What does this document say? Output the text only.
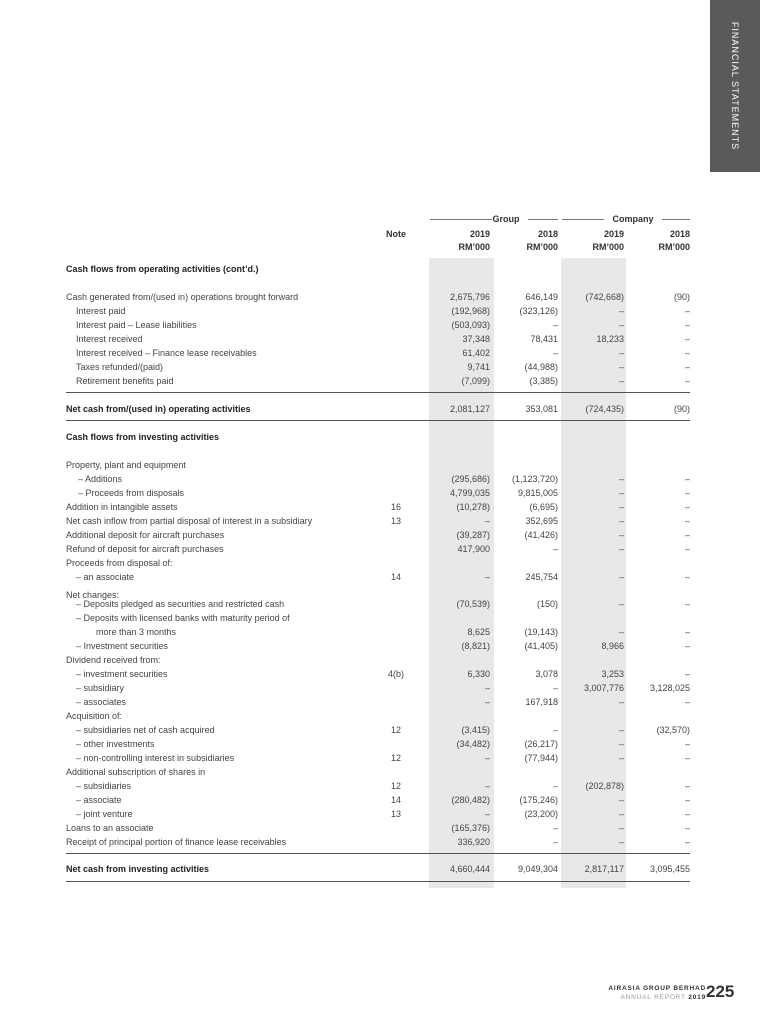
FINANCIAL STATEMENTS
Group	Company
Note	2019	2018	2019	2018
RM’000	RM’000	RM’000	RM’000
Cash flows from operating activities (cont’d.)
Cash generated from/(used in) operations brought forward	2,675,796	646,149	(742,668)	(90)
Interest paid	(192,968)	(323,126)	–	–
Interest paid – Lease liabilities	(503,093)	–	–	–
Interest received	37,348	78,431	18,233	–
Interest received – Finance lease receivables	61,402	–	–	–
Taxes refunded/(paid)	9,741	(44,988)	–	–
Retirement benefits paid	(7,099)	(3,385)	–	–
Net cash from/(used in) operating activities	2,081,127	353,081	(724,435)	(90)
Cash flows from investing activities
Property, plant and equipment
– Additions	(295,686)	(1,123,720)	–	–
– Proceeds from disposals	4,799,035	9,815,005	–	–
Addition in intangible assets	16	(10,278)	(6,695)	–	–
Net cash inflow from partial disposal of interest in a subsidiary	13	–	352,695	–	–
Additional deposit for aircraft purchases	(39,287)	(41,426)	–	–
Refund of deposit for aircraft purchases	417,900	–	–	–
Proceeds from disposal of:
– an associate	14	–	245,754	–	–
Net changes:
– Deposits pledged as securities and restricted cash	(70,539)	(150)	–	–
– Deposits with licensed banks with maturity period of
more than 3 months	8,625	(19,143)	–	–
– Investment securities	(8,821)	(41,405)	8,966	–
Dividend received from:
– investment securities	4(b)	6,330	3,078	3,253	–
– subsidiary	–	–	3,007,776	3,128,025
– associates	–	167,918	–	–
Acquisition of:
– subsidiaries net of cash acquired	12	(3,415)	–	–	(32,570)
– other investments	(34,482)	(26,217)	–	–
– non-controlling interest in subsidiaries	12	–	(77,944)	–	–
Additional subscription of shares in
– subsidiaries	12	–	–	(202,878)	–
– associate	14	(280,482)	(175,246)	–	–
– joint venture	13	–	(23,200)	–	–
Loans to an associate	(165,376)	–	–	–
Receipt of principal portion of finance lease receivables	336,920	–	–	–
Net cash from investing activities	4,660,444	9,049,304	2,817,117	3,095,455
AIRASIA GROUP BERHAD
ANNUAL REPORT 2019 225
